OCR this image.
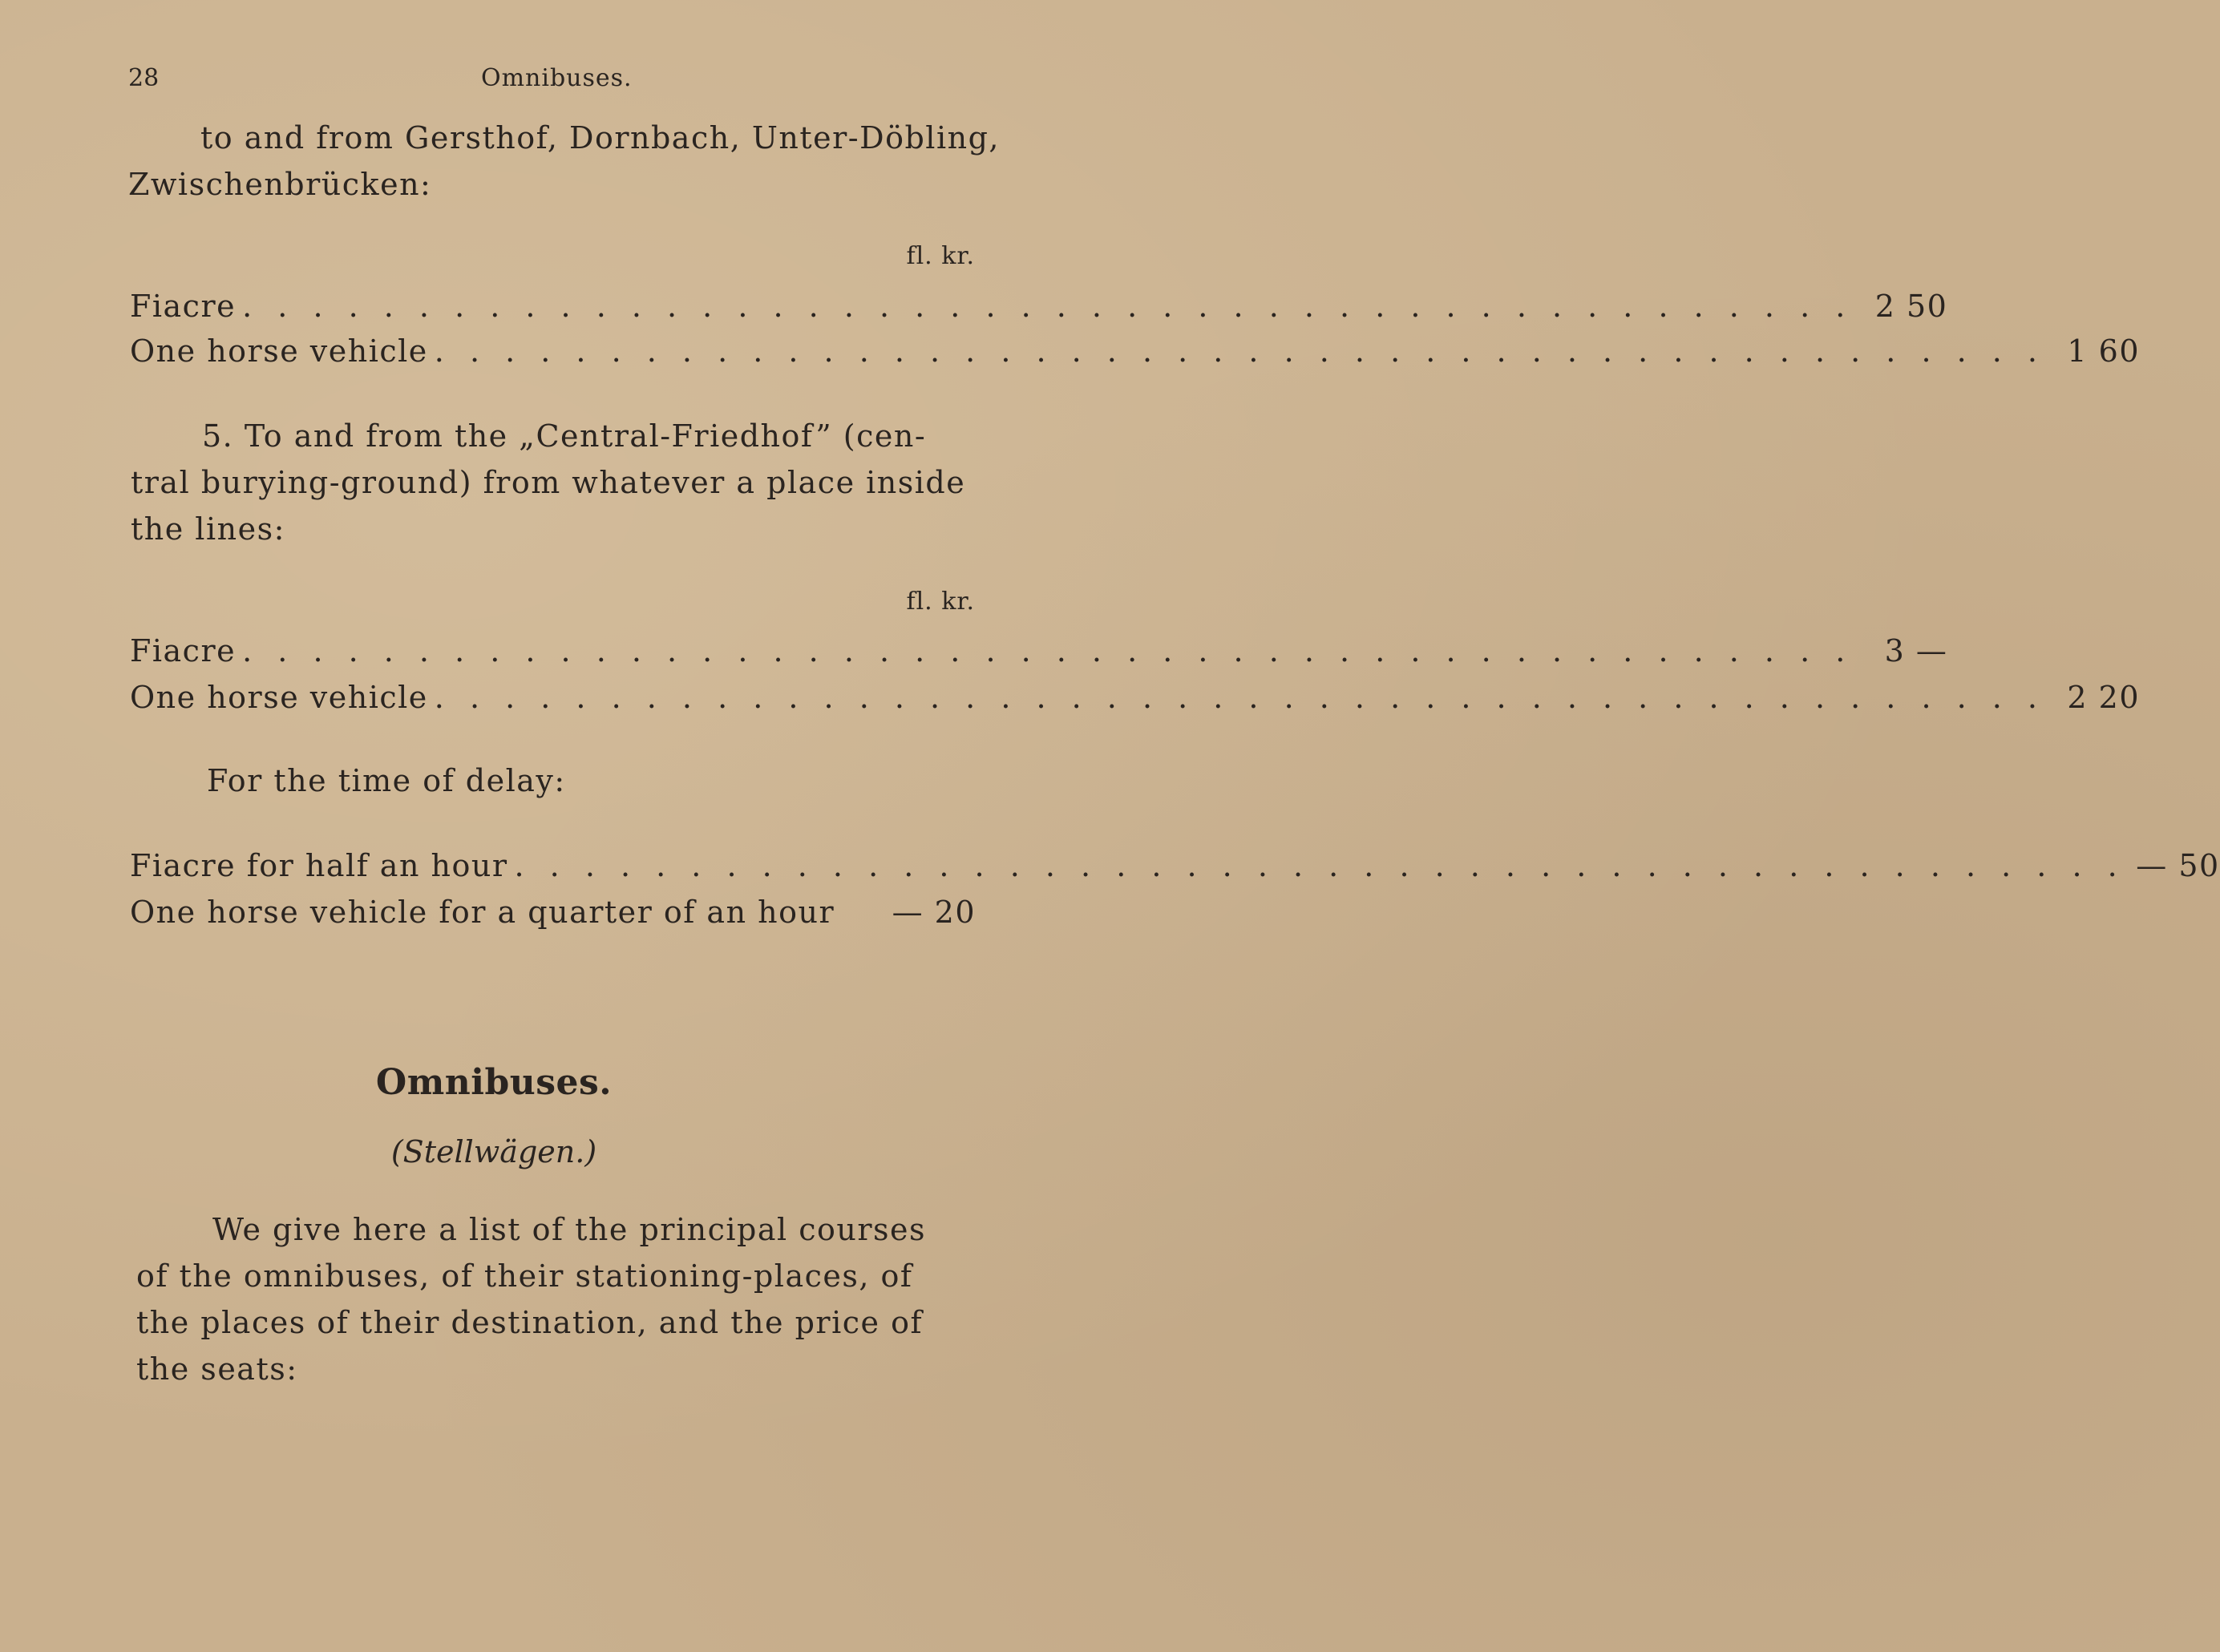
28	Omnibuses.
to and from Gersthof, Dornbach, Unter-Döbling,
Zwischenbrücken:
fl. kr.
Fiacre . . . . . . . . . . . . . . . . . . . . . . . . . . . . . . . . . . . . . . . . . . . . . . 2 50
One horse vehicle . . . . . . . . . . . . . . . . . . . . . . . . . . . . . . . . . . . . . . . . . . . . . . 1 60
5. To and from the „Central-Friedhof” (cen-
tral burying-ground) from whatever a place inside
the lines:
fl. kr.
Fiacre . . . . . . . . . . . . . . . . . . . . . . . . . . . . . . . . . . . . . . . . . . . . . .	3 —
One horse vehicle . . . . . . . . . . . . . . . . . . . . . . . . . . . . . . . . . . . . . . . . . . . . . . 2 20
For the time of delay:
Fiacre for half an hour . . . . . . . . . . . . . . . . . . . . . . . . . . . . . . . . . . . . . . . . . . . . . . — 50
One horse vehicle for a quarter of an hour — 20
Omnibuses.
(Stellwägen.)
We give here a list of the principal courses
of the omnibuses, of their stationing-places, of
the places of their destination, and the price of
the seats:
